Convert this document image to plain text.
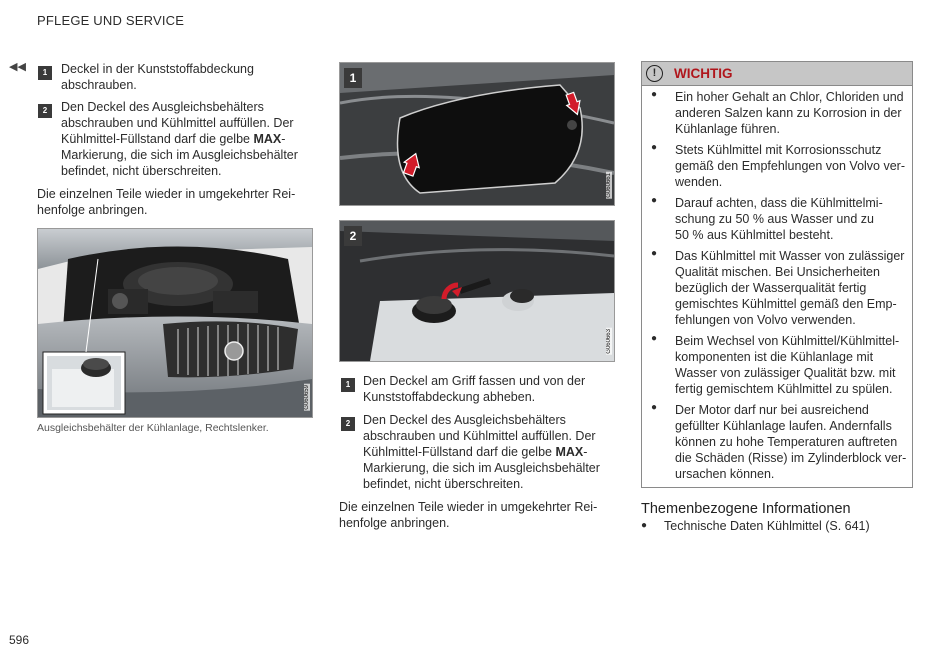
PFLEGE UND SERVICE
◀◀	1	Deckel in der Kunststoffabdeckung
abschrauben.
2	Den Deckel des Ausgleichsbehälters
abschrauben und Kühlmittel auffüllen. Der
Kühlmittel-Füllstand darf die gelbe MAX-
Markierung, die sich im Ausgleichsbehälter
befindet, nicht überschreiten.
Die einzelnen Teile wieder in umgekehrter Rei-
henfolge anbringen.
G060659
Ausgleichsbehälter der Kühlanlage, Rechtslenker.
1
G060661
2
G060663
1	Den Deckel am Griff fassen und von der
Kunststoffabdeckung abheben.
2	Den Deckel des Ausgleichsbehälters
abschrauben und Kühlmittel auffüllen. Der
Kühlmittel-Füllstand darf die gelbe MAX-
Markierung, die sich im Ausgleichsbehälter
befindet, nicht überschreiten.
Die einzelnen Teile wieder in umgekehrter Rei-
henfolge anbringen.
!	WICHTIG
● Ein hoher Gehalt an Chlor, Chloriden und
anderen Salzen kann zu Korrosion in der
Kühlanlage führen.
● Stets Kühlmittel mit Korrosionsschutz
gemäß den Empfehlungen von Volvo ver-
wenden.
● Darauf achten, dass die Kühlmittelmi-
schung zu 50 % aus Wasser und zu
50 % aus Kühlmittel besteht.
● Das Kühlmittel mit Wasser von zulässiger
Qualität mischen. Bei Unsicherheiten
bezüglich der Wasserqualität fertig
gemischtes Kühlmittel gemäß den Emp-
fehlungen von Volvo verwenden.
● Beim Wechsel von Kühlmittel/Kühlmittel-
komponenten ist die Kühlanlage mit
Wasser von zulässiger Qualität bzw. mit
fertig gemischtem Kühlmittel zu spülen.
● Der Motor darf nur bei ausreichend
gefüllter Kühlanlage laufen. Andernfalls
können zu hohe Temperaturen auftreten
die Schäden (Risse) im Zylinderblock ver-
ursachen können.
Themenbezogene Informationen
● Technische Daten Kühlmittel (S. 641)
596
